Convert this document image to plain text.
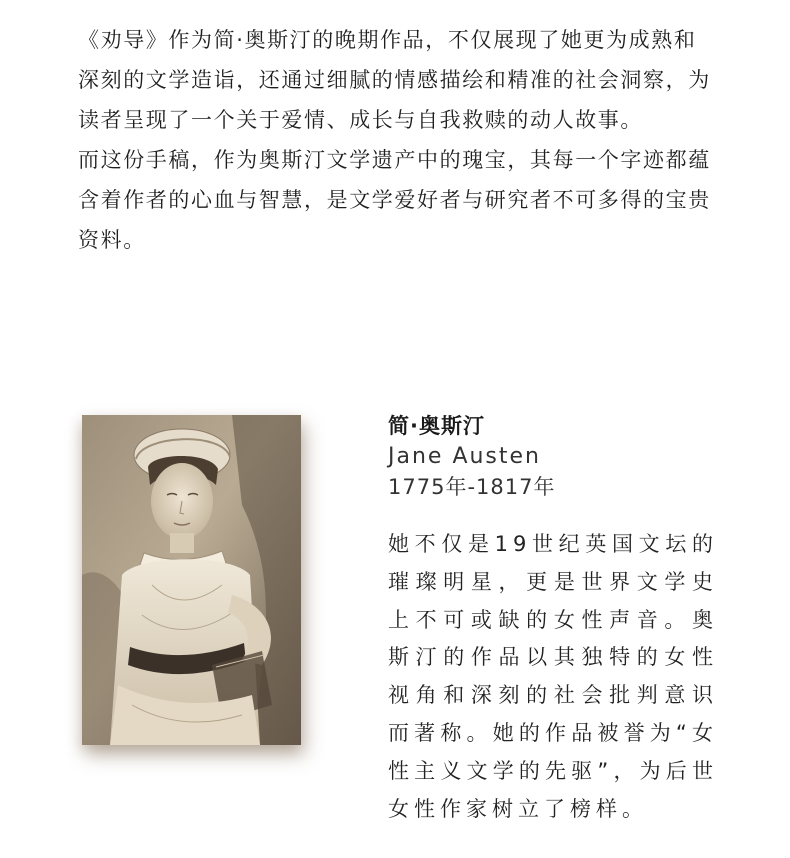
《劝导》作为简·奥斯汀的晚期作品，不仅展现了她更为成熟和深刻的文学造诣，还通过细腻的情感描绘和精准的社会洞察，为读者呈现了一个关于爱情、成长与自我救赎的动人故事。

而这份手稿，作为奥斯汀文学遗产中的瑰宝，其每一个字迹都蕴含着作者的心血与智慧，是文学爱好者与研究者不可多得的宝贵资料。

简·奥斯汀
Jane Austen
1775年-1817年
她不仅是19世纪英国文坛的璀璨明星，更是世界文学史上不可或缺的女性声音。奥斯汀的作品以其独特的女性视角和深刻的社会批判意识而著称。她的作品被誉为“女性主义文学的先驱”，为后世女性作家树立了榜样。
